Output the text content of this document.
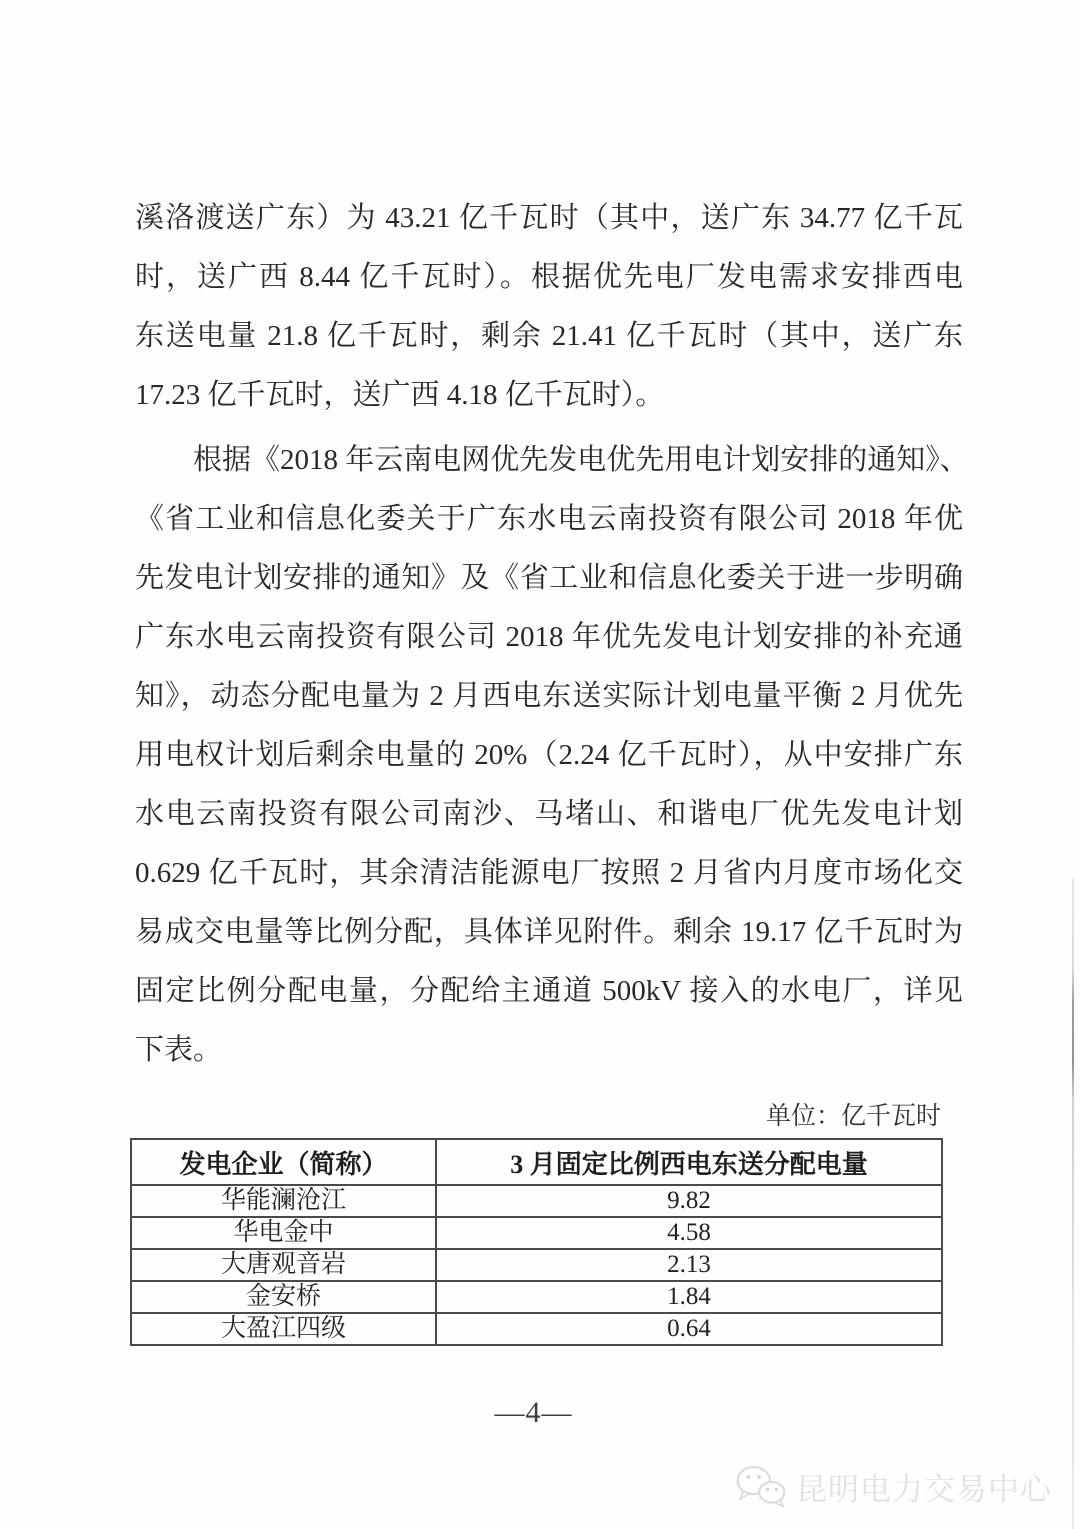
溪洛渡送广东）为 43.21 亿千瓦时（其中，送广东 34.77 亿千瓦
时，送广西 8.44 亿千瓦时）。根据优先电厂发电需求安排西电
东送电量 21.8 亿千瓦时，剩余 21.41 亿千瓦时（其中，送广东
17.23 亿千瓦时，送广西 4.18 亿千瓦时）。
根据《2018 年云南电网优先发电优先用电计划安排的通知》、
《省工业和信息化委关于广东水电云南投资有限公司 2018 年优
先发电计划安排的通知》及《省工业和信息化委关于进一步明确
广东水电云南投资有限公司 2018 年优先发电计划安排的补充通
知》，动态分配电量为 2 月西电东送实际计划电量平衡 2 月优先
用电权计划后剩余电量的 20%（2.24 亿千瓦时），从中安排广东
水电云南投资有限公司南沙、马堵山、和谐电厂优先发电计划
0.629 亿千瓦时，其余清洁能源电厂按照 2 月省内月度市场化交
易成交电量等比例分配，具体详见附件。剩余 19.17 亿千瓦时为
固定比例分配电量，分配给主通道 500kV 接入的水电厂，详见
下表。
单位：亿千瓦时
发电企业（简称）	3 月固定比例西电东送分配电量
华能澜沧江	9.82
华电金中	4.58
大唐观音岩	2.13
金安桥	1.84
大盈江四级	0.64
—4—
昆明电力交易中心
